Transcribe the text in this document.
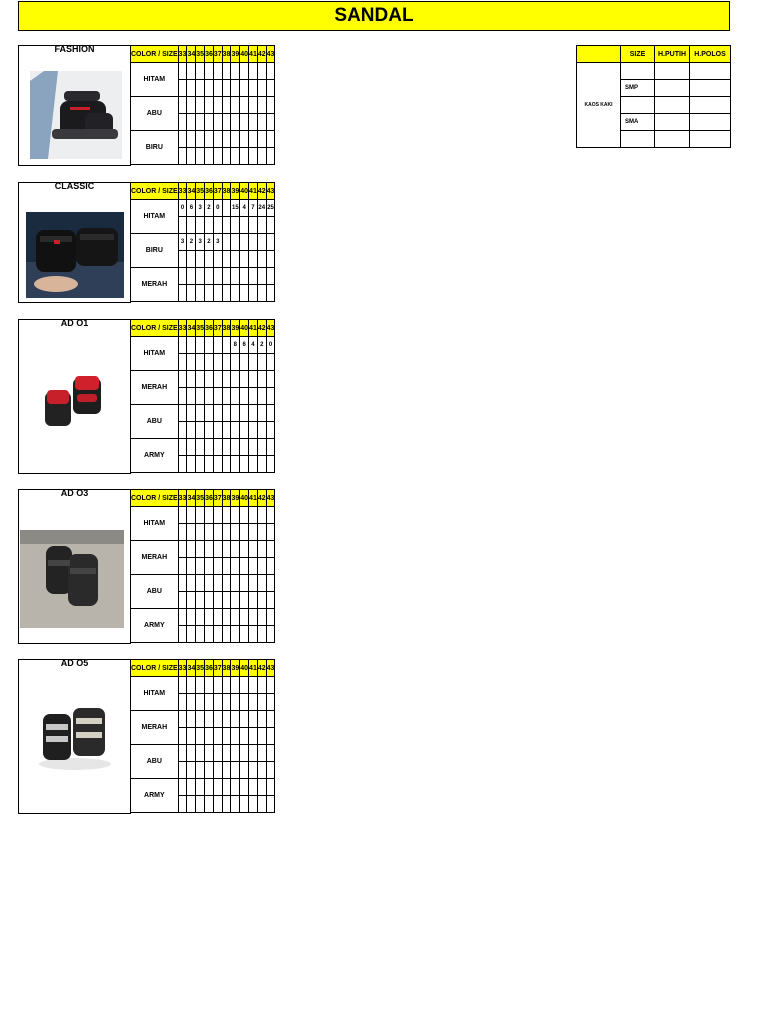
SANDAL
FASHION	COLOR / SIZE	33	34	35	36	37	38	39	40	41	42	43
HITAM											

ABU											

BIRU											

CLASSIC	COLOR / SIZE	33	34	35	36	37	38	39	40	41	42	43
HITAM	0	6	3	2	0		15	4	7	24	25

BIRU	3	2	3	2	3						

MERAH											

AD O1	COLOR / SIZE	33	34	35	36	37	38	39	40	41	42	43
HITAM							8	6	4	2	0

MERAH											

ABU											

ARMY											

AD O3	COLOR / SIZE	33	34	35	36	37	38	39	40	41	42	43
HITAM											

MERAH											

ABU											

ARMY											

AD O5	COLOR / SIZE	33	34	35	36	37	38	39	40	41	42	43
HITAM											

MERAH											

ABU											

ARMY											

	SIZE	H.PUTIH	H.POLOS
KAOS KAKI			
	SMP		

	SMA		
